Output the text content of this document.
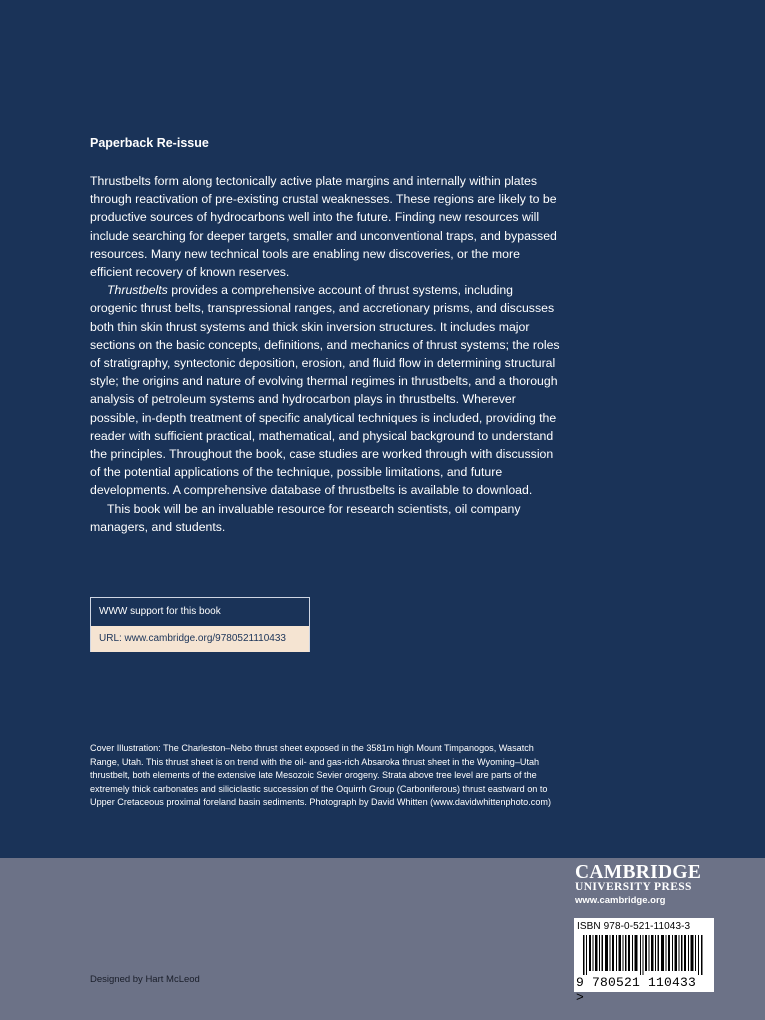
Paperback Re-issue

Thrustbelts form along tectonically active plate margins and internally within plates through reactivation of pre-existing crustal weaknesses. These regions are likely to be productive sources of hydrocarbons well into the future. Finding new resources will include searching for deeper targets, smaller and unconventional traps, and bypassed resources. Many new technical tools are enabling new discoveries, or the more efficient recovery of known reserves.

Thrustbelts provides a comprehensive account of thrust systems, including orogenic thrust belts, transpressional ranges, and accretionary prisms, and discusses both thin skin thrust systems and thick skin inversion structures. It includes major sections on the basic concepts, definitions, and mechanics of thrust systems; the roles of stratigraphy, syntectonic deposition, erosion, and fluid flow in determining structural style; the origins and nature of evolving thermal regimes in thrustbelts, and a thorough analysis of petroleum systems and hydrocarbon plays in thrustbelts. Wherever possible, in-depth treatment of specific analytical techniques is included, providing the reader with sufficient practical, mathematical, and physical background to understand the principles. Throughout the book, case studies are worked through with discussion of the potential applications of the technique, possible limitations, and future developments. A comprehensive database of thrustbelts is available to download.

This book will be an invaluable resource for research scientists, oil company managers, and students.

WWW support for this book
URL: www.cambridge.org/9780521110433
Cover Illustration: The Charleston–Nebo thrust sheet exposed in the 3581m high Mount Timpanogos, Wasatch Range, Utah. This thrust sheet is on trend with the oil- and gas-rich Absaroka thrust sheet in the Wyoming–Utah thrustbelt, both elements of the extensive late Mesozoic Sevier orogeny. Strata above tree level are parts of the extremely thick carbonates and siliciclastic succession of the Oquirrh Group (Carboniferous) thrust eastward on to Upper Cretaceous proximal foreland basin sediments. Photograph by David Whitten (www.davidwhittenphoto.com)
Designed by Hart McLeod
CAMBRIDGE
UNIVERSITY PRESS
www.cambridge.org
ISBN 978-0-521-11043-3
9 780521 110433 >
